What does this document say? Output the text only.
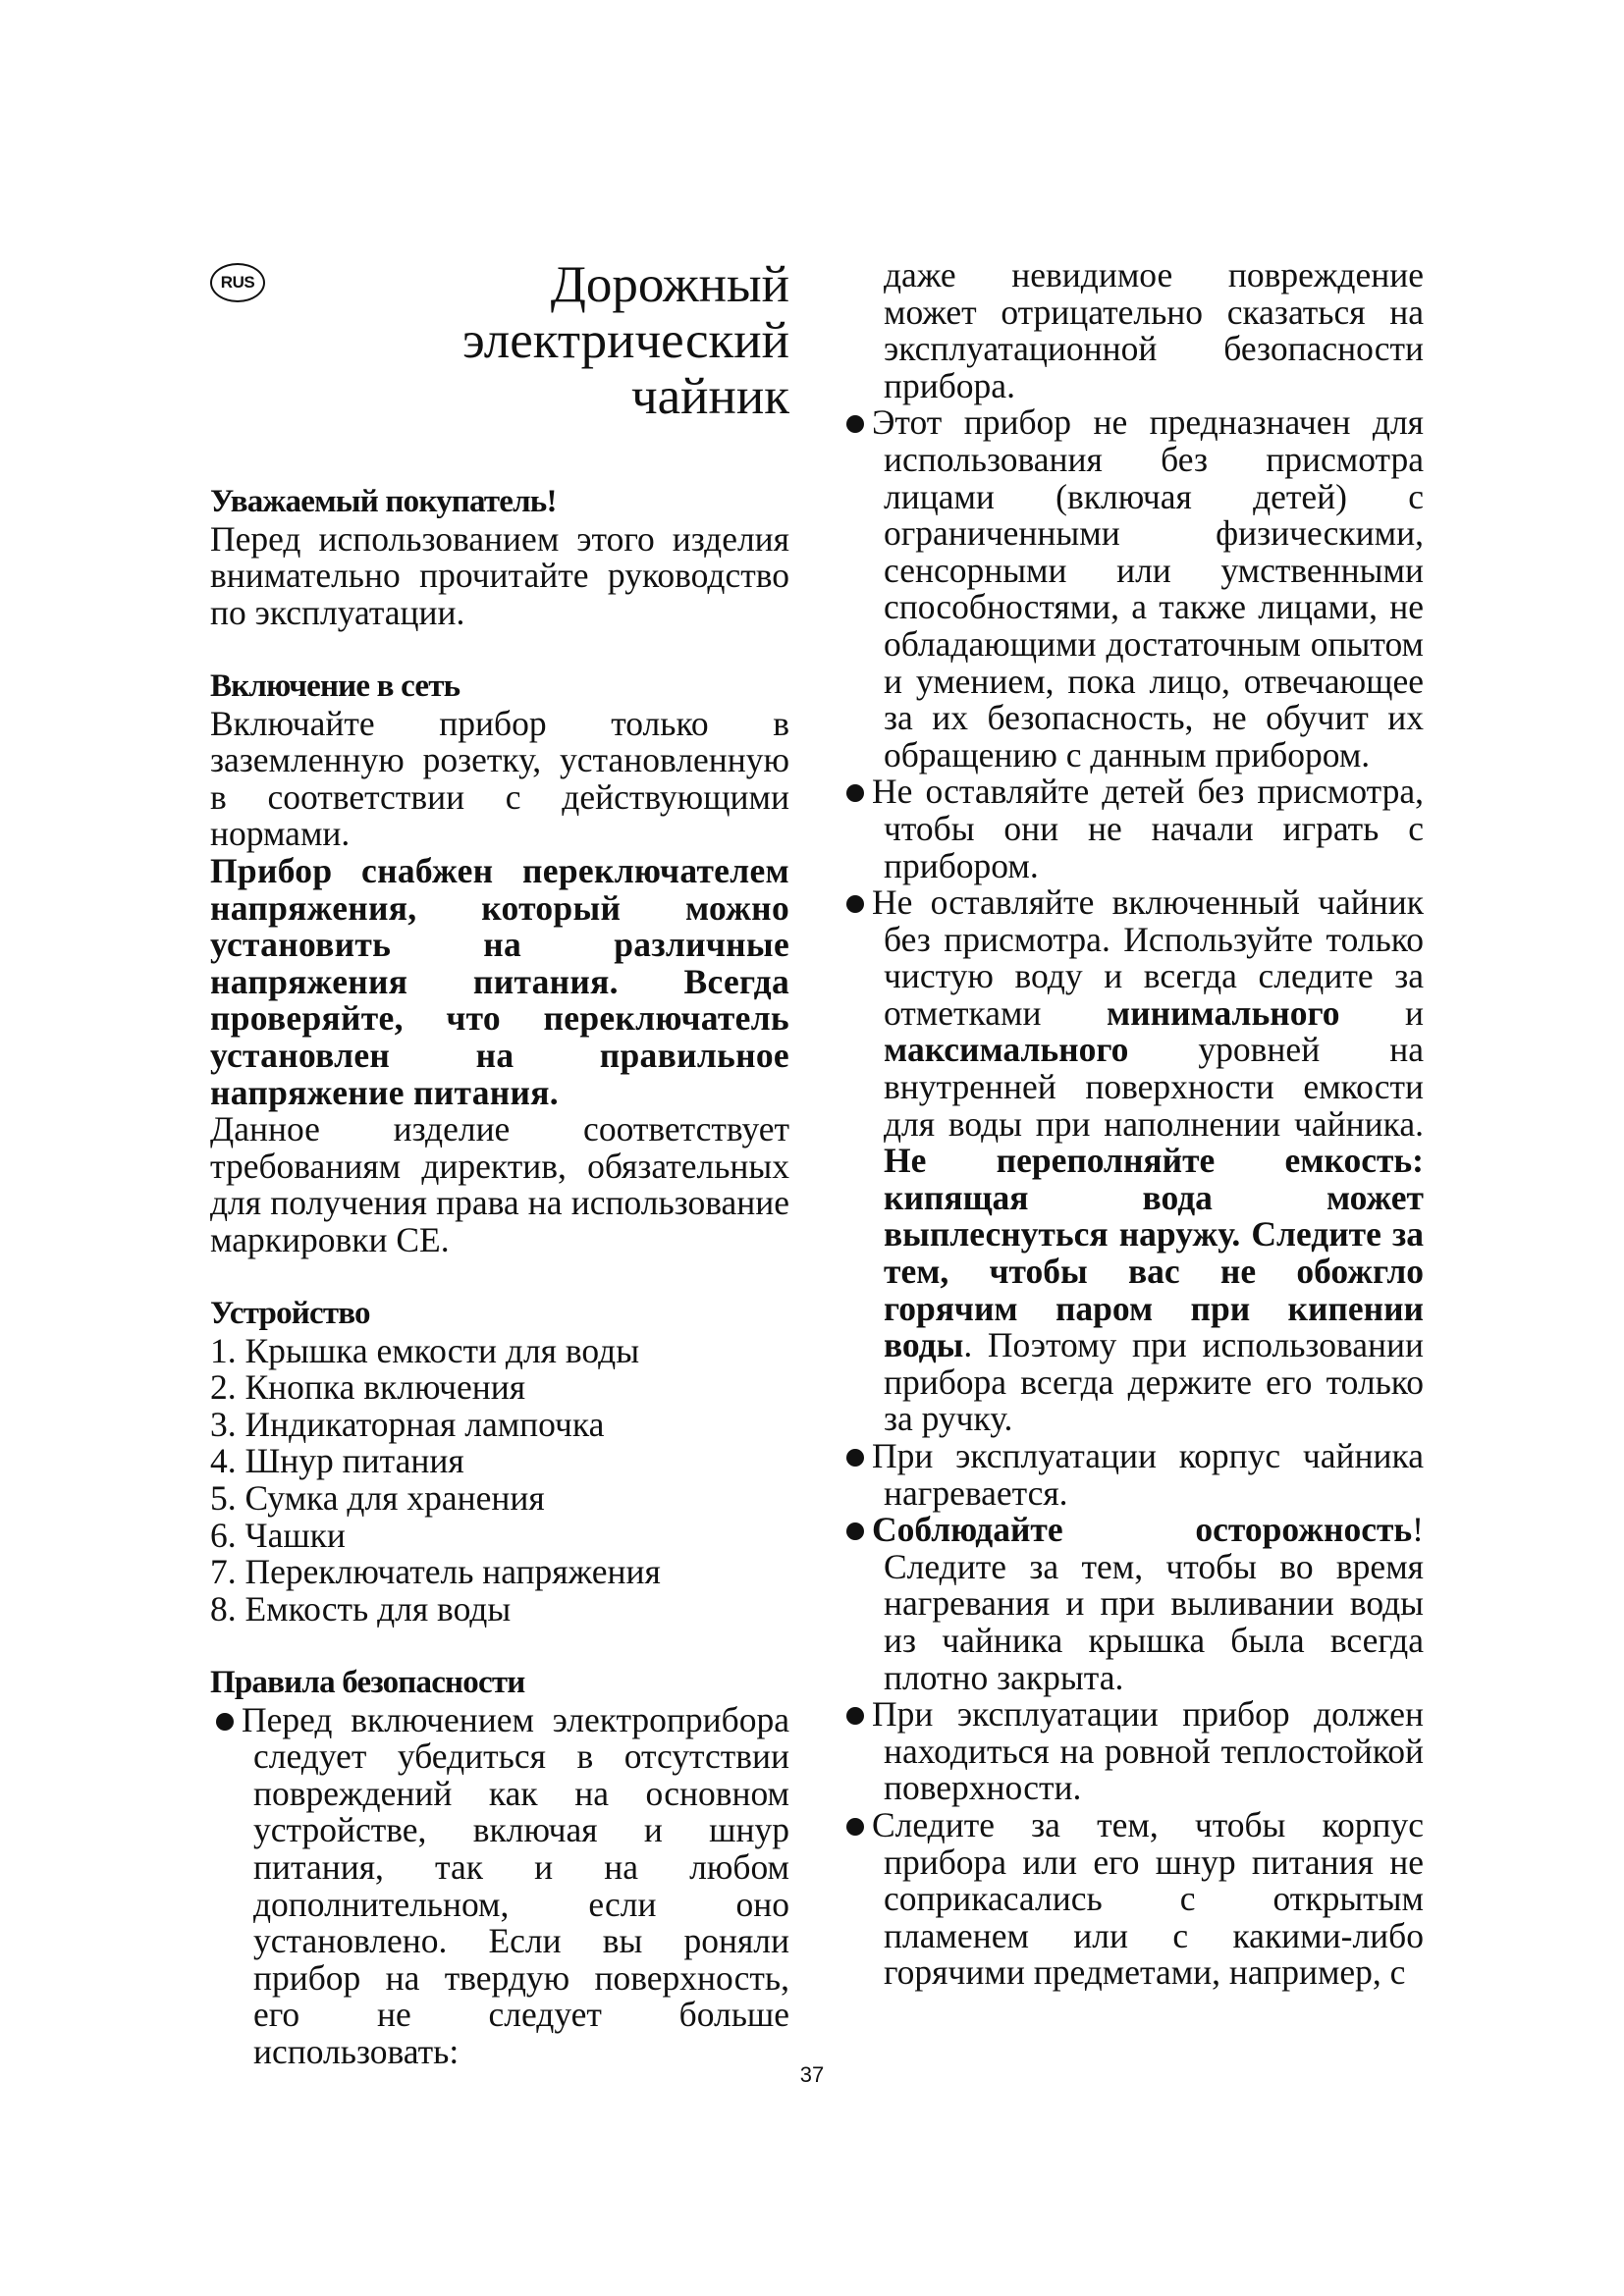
RUS	Дорожный
электрический
чайник
Уважаемый покупатель!

Перед использованием этого изделия внимательно прочитайте руководство по эксплуатации.

Включение в сеть

Включайте прибор только в заземленную розетку, установленную в соответствии с действующими нормами.

Прибор снабжен переключателем напряжения, который можно установить на различные напряжения питания. Всегда проверяйте, что переключатель установлен на правильное напряжение питания.

Данное изделие соответствует требованиям директив, обязательных для получения права на использование маркировки CE.

Устройство
1. Крышка емкости для воды
2. Кнопка включения
3. Индикаторная лампочка
4. Шнур питания
5. Сумка для хранения
6. Чашки
7. Переключатель напряжения
8. Емкость для воды
Правила безопасности
Перед включением электроприбора следует убедиться в отсутствии повреждений как на основном устройстве, включая и шнур питания, так и на любом дополнительном, если оно установлено. Если вы роняли прибор на твердую поверхность, его не следует больше использовать:

даже невидимое повреждение может отрицательно сказаться на эксплуатационной безопасности прибора.

Этот прибор не предназначен для использования без присмотра лицами (включая детей) с ограниченными физическими, сенсорными или умственными способностями, а также лицами, не обладающими достаточным опытом и умением, пока лицо, отвечающее за их безопасность, не обучит их обращению с данным прибором.
Не оставляйте детей без присмотра, чтобы они не начали играть с прибором.
Не оставляйте включенный чайник без присмотра. Используйте только чистую воду и всегда следите за отметками минимального и максимального уровней на внутренней поверхности емкости для воды при наполнении чайника. Не переполняйте емкость: кипящая вода может выплеснуться наружу. Следите за тем, чтобы вас не обожгло горячим паром при кипении воды. Поэтому при использовании прибора всегда держите его только за ручку.
При эксплуатации корпус чайника нагревается.
Соблюдайте осторожность! Следите за тем, чтобы во время нагревания и при выливании воды из чайника крышка была всегда плотно закрыта.
При эксплуатации прибор должен находиться на ровной теплостойкой поверхности.
Следите за тем, чтобы корпус прибора или его шнур питания не соприкасались с открытым пламенем или с какими-либо горячими предметами, например, с
37
